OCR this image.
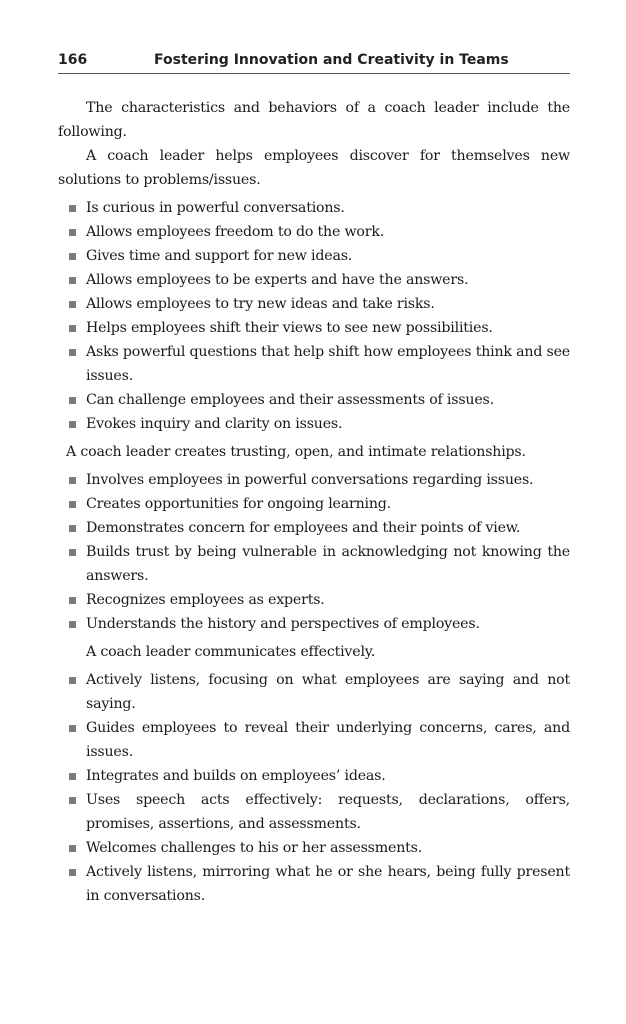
166	Fostering Innovation and Creativity in Teams

The characteristics and behaviors of a coach leader include the following.

A coach leader helps employees discover for themselves new solutions to problems/issues.

Is curious in powerful conversations.
Allows employees freedom to do the work.
Gives time and support for new ideas.
Allows employees to be experts and have the answers.
Allows employees to try new ideas and take risks.
Helps employees shift their views to see new possibilities.
Asks powerful questions that help shift how employees think and see issues.
Can challenge employees and their assessments of issues.
Evokes inquiry and clarity on issues.

A coach leader creates trusting, open, and intimate relationships.

Involves employees in powerful conversations regarding issues.
Creates opportunities for ongoing learning.
Demonstrates concern for employees and their points of view.
Builds trust by being vulnerable in acknowledging not knowing the answers.
Recognizes employees as experts.
Understands the history and perspectives of employees.

A coach leader communicates effectively.

Actively listens, focusing on what employees are saying and not saying.
Guides employees to reveal their underlying concerns, cares, and issues.
Integrates and builds on employees’ ideas.
Uses speech acts effectively: requests, declarations, offers, promises, assertions, and assessments.
Welcomes challenges to his or her assessments.
Actively listens, mirroring what he or she hears, being fully present in conversations.
